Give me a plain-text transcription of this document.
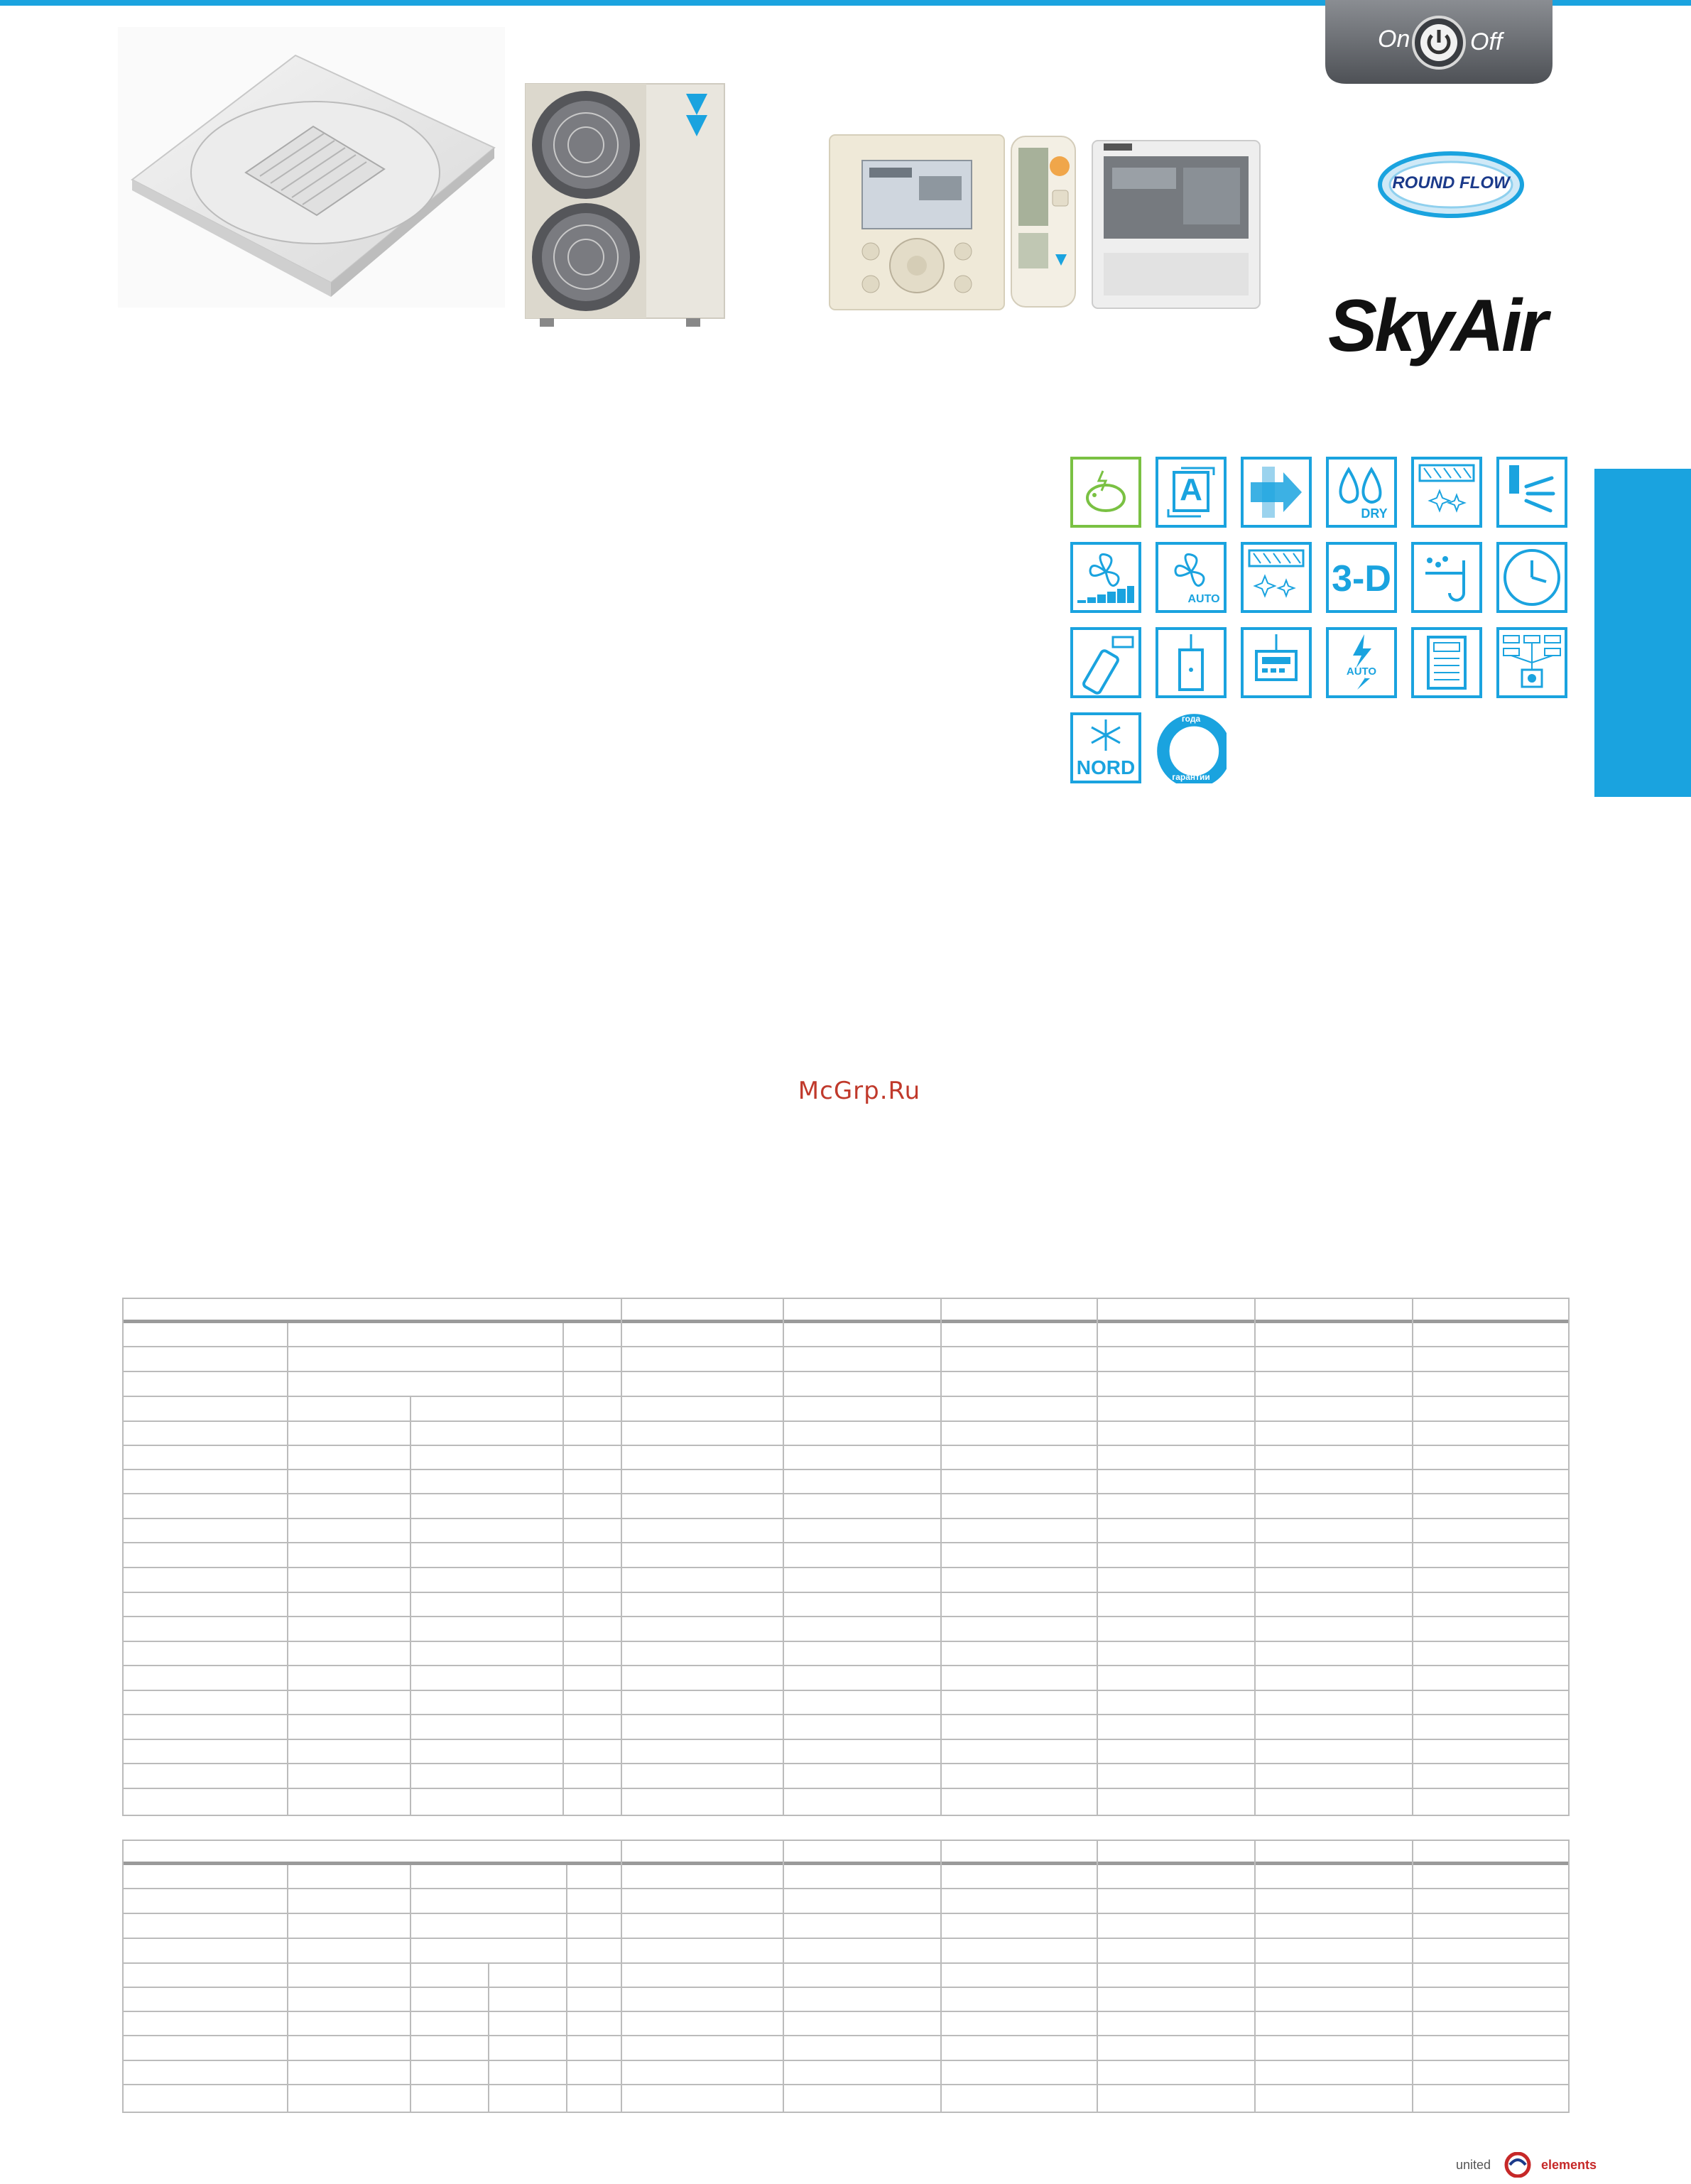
On Off
ROUND FLOW
SkyAir
A
DRY
AUTO	3-D
AUTO
NORD
года
гарантии
McGrp.Ru
united	elements
